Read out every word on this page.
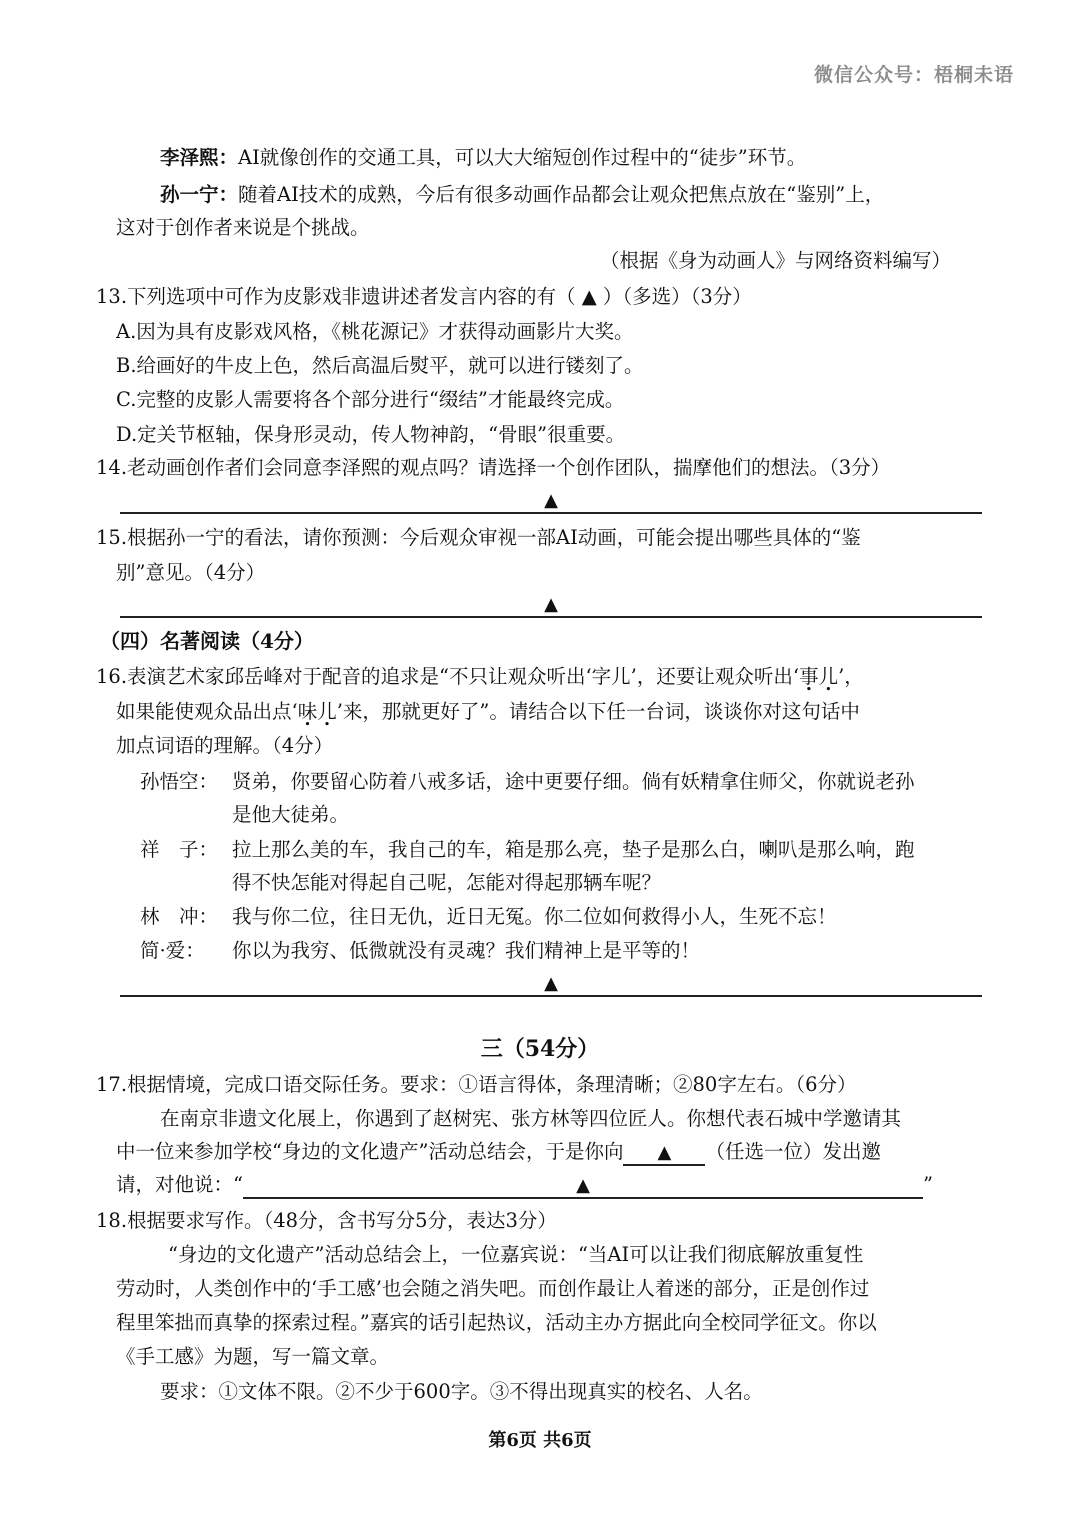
微信公众号：梧桐未语
李泽熙：AI就像创作的交通工具，可以大大缩短创作过程中的“徒步”环节。
孙一宁：随着AI技术的成熟，今后有很多动画作品都会让观众把焦点放在“鉴别”上，
这对于创作者来说是个挑战。
（根据《身为动画人》与网络资料编写）
13.下列选项中可作为皮影戏非遗讲述者发言内容的有（ ▲ ）（多选）（3分）
A.因为具有皮影戏风格，《桃花源记》才获得动画影片大奖。
B.给画好的牛皮上色，然后高温后熨平，就可以进行镂刻了。
C.完整的皮影人需要将各个部分进行“缀结”才能最终完成。
D.定关节枢轴，保身形灵动，传人物神韵，“骨眼”很重要。
14.老动画创作者们会同意李泽熙的观点吗？请选择一个创作团队，揣摩他们的想法。（3分）
▲
15.根据孙一宁的看法，请你预测：今后观众审视一部AI动画，可能会提出哪些具体的“鉴
别”意见。（4分）
▲
（四）名著阅读（4分）
16.表演艺术家邱岳峰对于配音的追求是“不只让观众听出‘字儿’，还要让观众听出‘事儿’，
如果能使观众品出点‘味儿’来，那就更好了”。请结合以下任一台词，谈谈你对这句话中
加点词语的理解。（4分）
孙悟空： 贤弟，你要留心防着八戒多话，途中更要仔细。倘有妖精拿住师父，你就说老孙
是他大徒弟。
祥　子： 拉上那么美的车，我自己的车，箱是那么亮，垫子是那么白，喇叭是那么响，跑
得不快怎能对得起自己呢，怎能对得起那辆车呢？
林　冲： 我与你二位，往日无仇，近日无冤。你二位如何救得小人，生死不忘！
简·爱： 你以为我穷、低微就没有灵魂？我们精神上是平等的！
▲
三（54分）
17.根据情境，完成口语交际任务。要求：①语言得体，条理清晰；②80字左右。（6分）
在南京非遗文化展上，你遇到了赵树宪、张方林等四位匠人。你想代表石城中学邀请其
中一位来参加学校“身边的文化遗产”活动总结会，于是你向 ▲ （任选一位）发出邀
请，对他说：“	▲	”
18.根据要求写作。（48分，含书写分5分，表达3分）
“身边的文化遗产”活动总结会上，一位嘉宾说：“当AI可以让我们彻底解放重复性
劳动时，人类创作中的‘手工感’也会随之消失吧。而创作最让人着迷的部分，正是创作过
程里笨拙而真挚的探索过程。”嘉宾的话引起热议，活动主办方据此向全校同学征文。你以
《手工感》为题，写一篇文章。
要求：①文体不限。②不少于600字。③不得出现真实的校名、人名。
第6页 共6页
